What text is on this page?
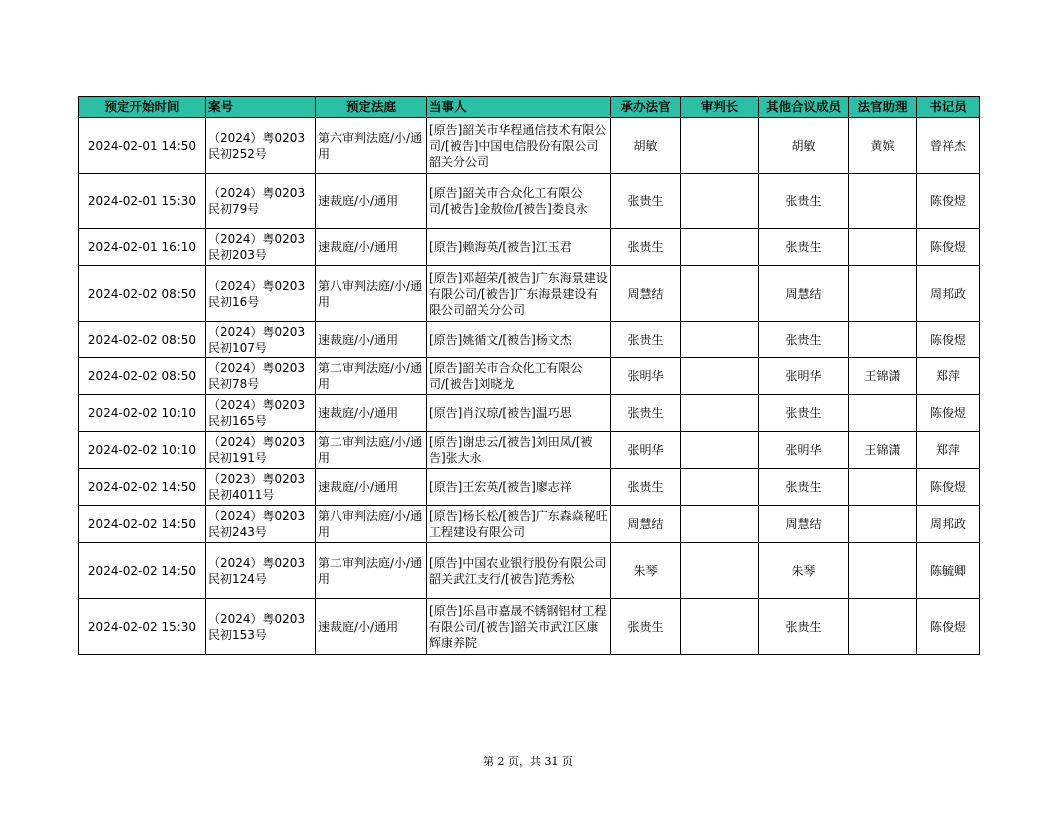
预定开始时间	案号	预定法庭	当事人	承办法官	审判长	其他合议成员	法官助理	书记员
2024-02-01 14:50	（2024）粤0203民初252号	第六审判法庭/小/通用	[原告]韶关市华程通信技术有限公司/[被告]中国电信股份有限公司韶关分公司	胡敏		胡敏	黄嫔	曾祥杰
2024-02-01 15:30	（2024）粤0203民初79号	速裁庭/小/通用	[原告]韶关市合众化工有限公司/[被告]金敖俭/[被告]娄良永	张贵生		张贵生		陈俊煜
2024-02-01 16:10	（2024）粤0203民初203号	速裁庭/小/通用	[原告]赖海英/[被告]江玉君	张贵生		张贵生		陈俊煜
2024-02-02 08:50	（2024）粤0203民初16号	第八审判法庭/小/通用	[原告]邓超荣/[被告]广东海景建设有限公司/[被告]广东海景建设有限公司韶关分公司	周慧结		周慧结		周邦政
2024-02-02 08:50	（2024）粤0203民初107号	速裁庭/小/通用	[原告]姚循文/[被告]杨文杰	张贵生		张贵生		陈俊煜
2024-02-02 08:50	（2024）粤0203民初78号	第二审判法庭/小/通用	[原告]韶关市合众化工有限公司/[被告]刘晓龙	张明华		张明华	王锦潇	郑萍
2024-02-02 10:10	（2024）粤0203民初165号	速裁庭/小/通用	[原告]肖汉琼/[被告]温巧思	张贵生		张贵生		陈俊煜
2024-02-02 10:10	（2024）粤0203民初191号	第二审判法庭/小/通用	[原告]谢忠云/[被告]刘田凤/[被告]张大永	张明华		张明华	王锦潇	郑萍
2024-02-02 14:50	（2023）粤0203民初4011号	速裁庭/小/通用	[原告]王宏英/[被告]廖志祥	张贵生		张贵生		陈俊煜
2024-02-02 14:50	（2024）粤0203民初243号	第八审判法庭/小/通用	[原告]杨长松/[被告]广东森焱秘旺工程建设有限公司	周慧结		周慧结		周邦政
2024-02-02 14:50	（2024）粤0203民初124号	第二审判法庭/小/通用	[原告]中国农业银行股份有限公司韶关武江支行/[被告]范秀松	朱琴		朱琴		陈毓卿
2024-02-02 15:30	（2024）粤0203民初153号	速裁庭/小/通用	[原告]乐昌市嘉晟不锈钢铝材工程有限公司/[被告]韶关市武江区康辉康养院	张贵生		张贵生		陈俊煜
第 2 页，共 31 页
